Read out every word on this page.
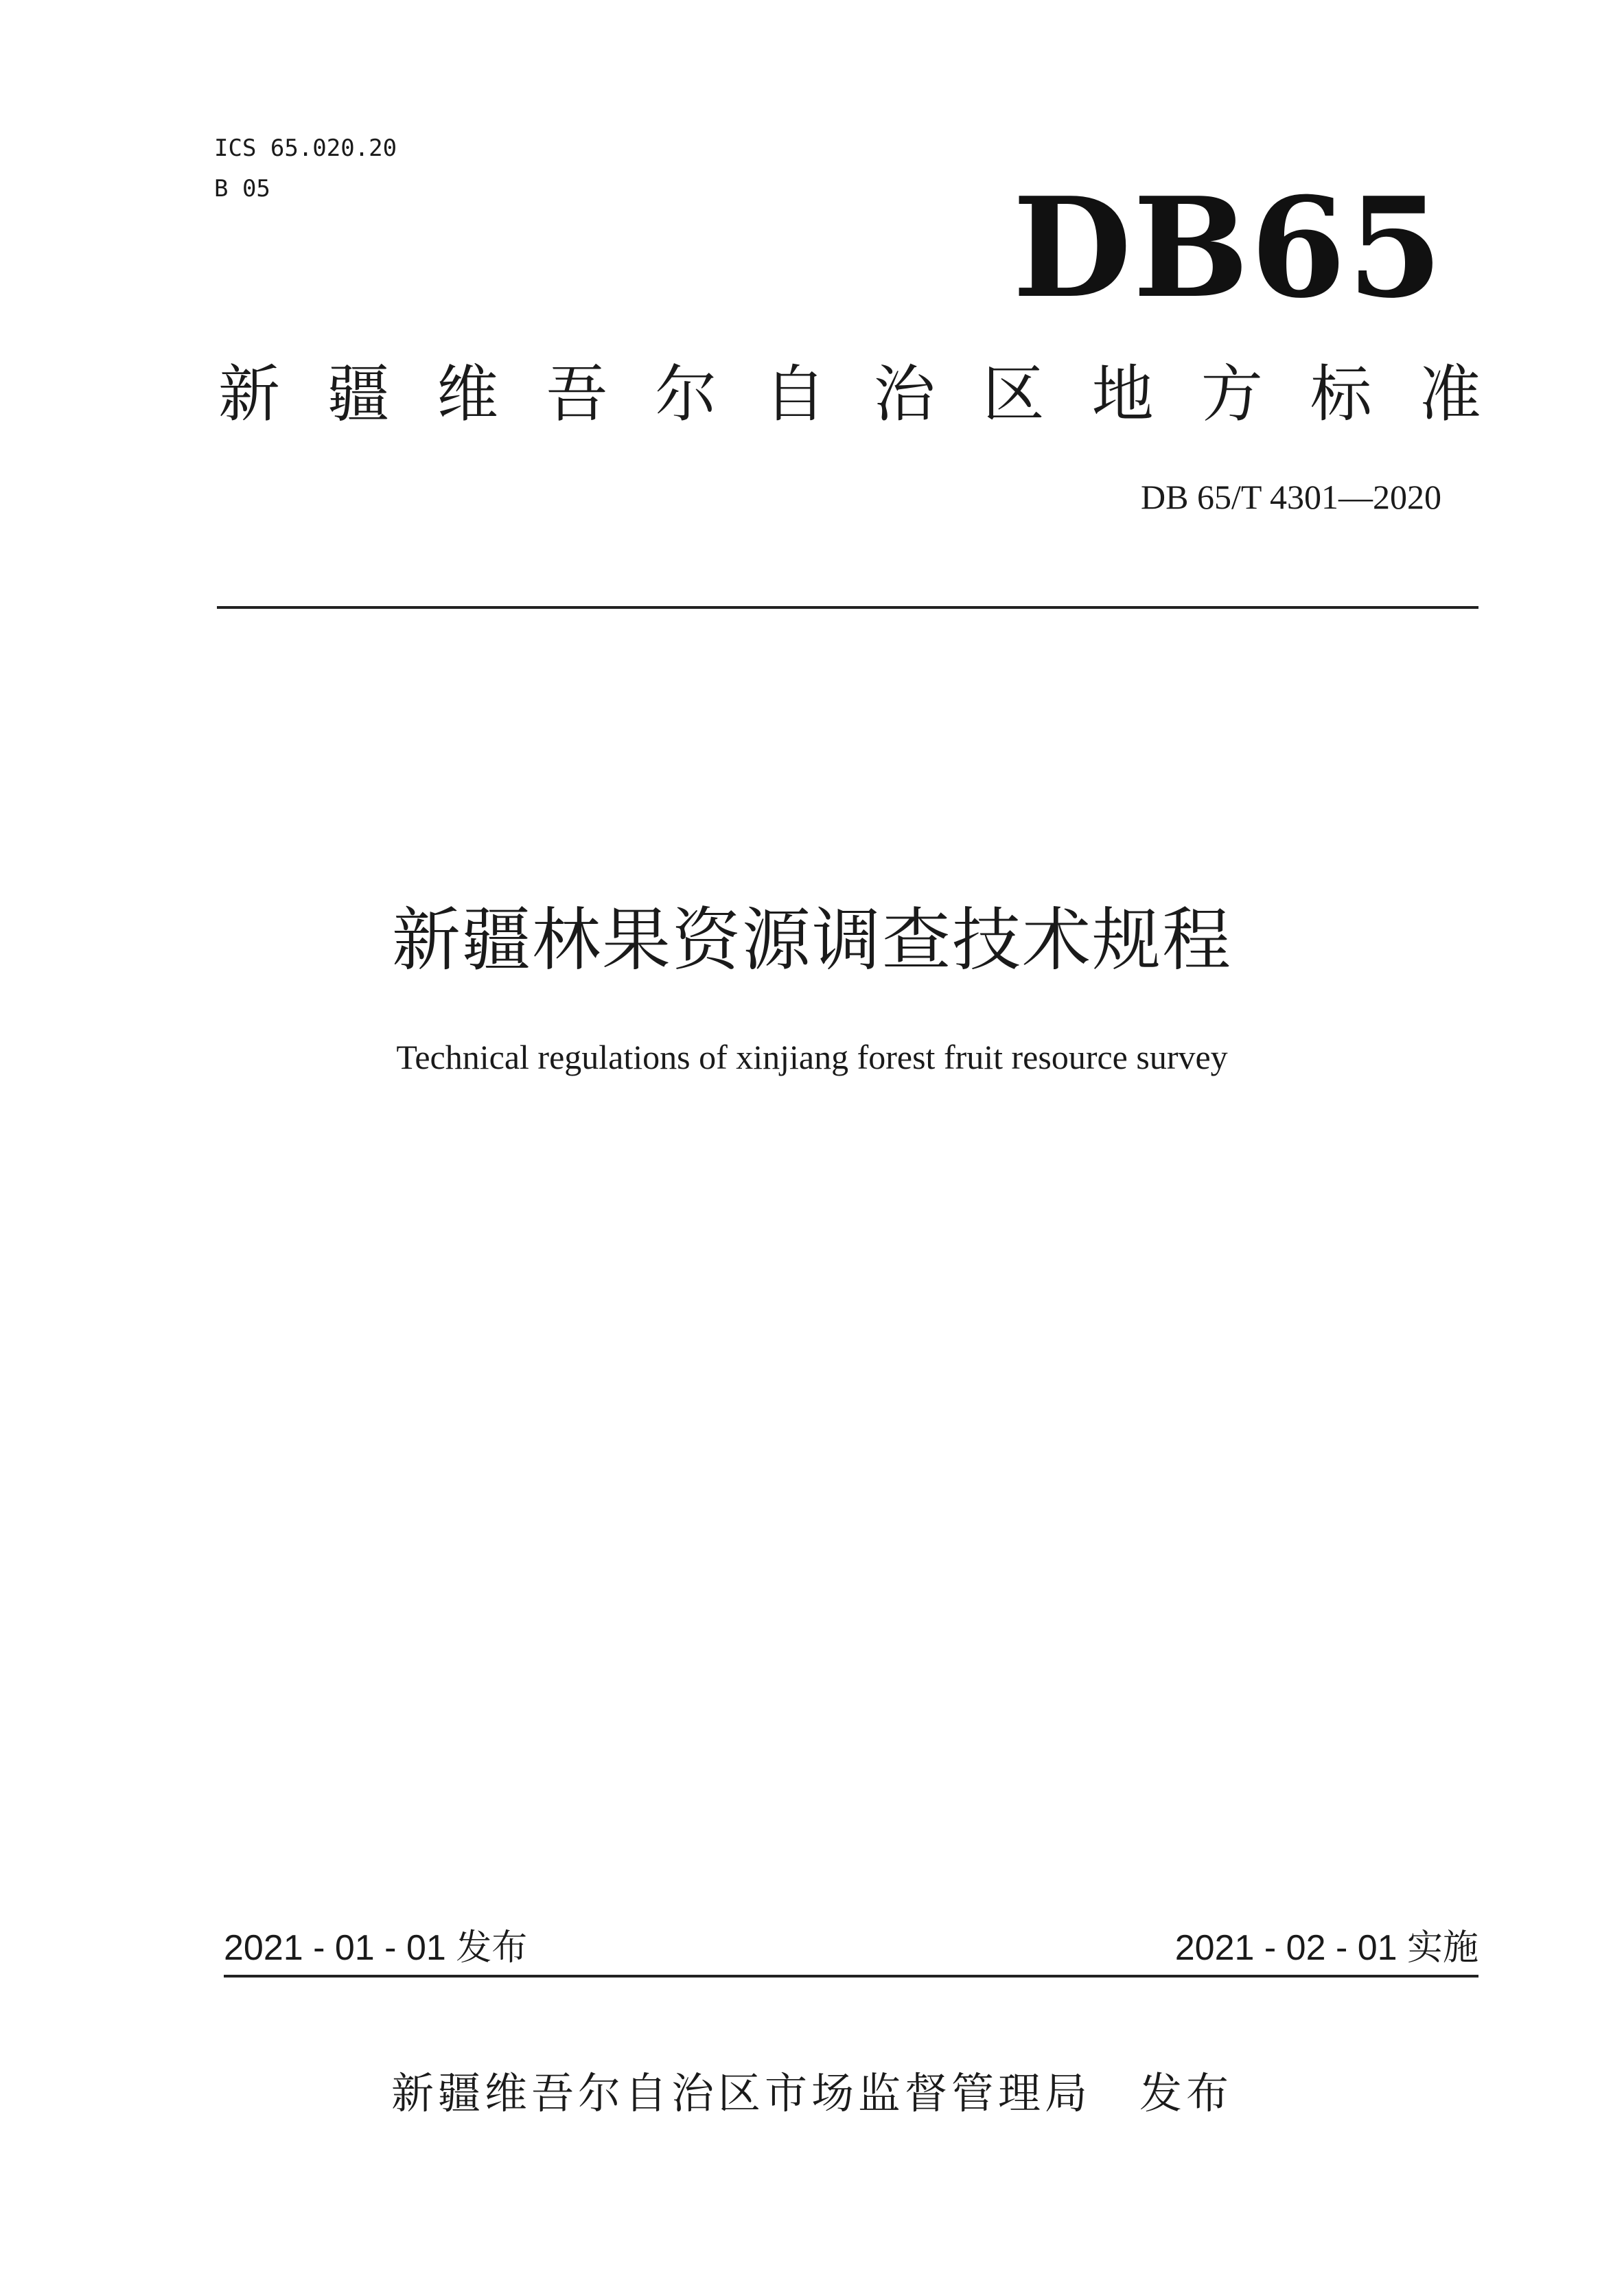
ICS 65.020.20
B 05	DB65
新 疆 维 吾 尔 自 治 区 地 方 标 准
DB 65/T 4301—2020
新疆林果资源调查技术规程
Technical regulations of xinjiang forest fruit resource survey
2021 - 01 - 01 发布	2021 - 02 - 01 实施
新疆维吾尔自治区市场监督管理局 发布
